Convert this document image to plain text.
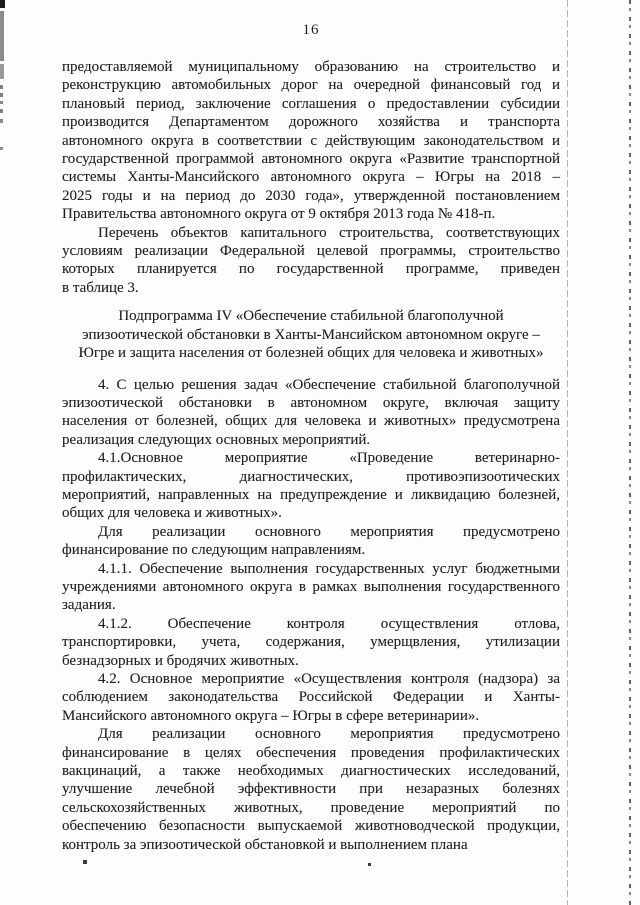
16
предоставляемой муниципальному образованию на строительство и
реконструкцию автомобильных дорог на очередной финансовый год и
плановый период, заключение соглашения о предоставлении субсидии
производится Департаментом дорожного хозяйства и транспорта
автономного округа в соответствии с действующим законодательством и
государственной программой автономного округа «Развитие транспортной
системы Ханты-Мансийского автономного округа – Югры на 2018 –
2025 годы и на период до 2030 года», утвержденной постановлением
Правительства автономного округа от 9 октября 2013 года № 418-п.
Перечень объектов капитального строительства, соответствующих
условиям реализации Федеральной целевой программы, строительство
которых планируется по государственной программе, приведен
в таблице 3.
Подпрограмма IV «Обеспечение стабильной благополучной
эпизоотической обстановки в Ханты-Мансийском автономном округе –
Югре и защита населения от болезней общих для человека и животных»
4. С целью решения задач «Обеспечение стабильной благополучной
эпизоотической обстановки в автономном округе, включая защиту
населения от болезней, общих для человека и животных» предусмотрена
реализация следующих основных мероприятий.
4.1.Основное мероприятие «Проведение ветеринарно-
профилактических, диагностических, противоэпизоотических
мероприятий, направленных на предупреждение и ликвидацию болезней,
общих для человека и животных».
Для реализации основного мероприятия предусмотрено
финансирование по следующим направлениям.
4.1.1. Обеспечение выполнения государственных услуг бюджетными
учреждениями автономного округа в рамках выполнения государственного
задания.
4.1.2. Обеспечение контроля осуществления отлова,
транспортировки, учета, содержания, умерщвления, утилизации
безнадзорных и бродячих животных.
4.2. Основное мероприятие «Осуществления контроля (надзора) за
соблюдением законодательства Российской Федерации и Ханты-
Мансийского автономного округа – Югры в сфере ветеринарии».
Для реализации основного мероприятия предусмотрено
финансирование в целях обеспечения проведения профилактических
вакцинаций, а также необходимых диагностических исследований,
улучшение лечебной эффективности при незаразных болезнях
сельскохозяйственных животных, проведение мероприятий по
обеспечению безопасности выпускаемой животноводческой продукции,
контроль за эпизоотической обстановкой и выполнением плана
